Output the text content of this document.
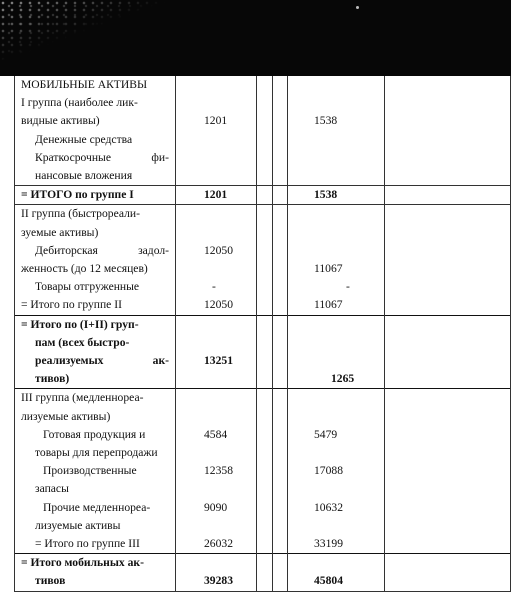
МОБИЛЬНЫЕ АКТИВЫ					
I группа (наиболее лик-					
видные активы)	1201			1538	
Денежные средства					

Краткосрочные фи-					

нансовые вложения					
= ИТОГО по группе I	1201			1538	
II группа (быстрореали-					
зуемые активы)					

Дебиторская задол-	12050				
женность (до 12 месяцев)				11067	
Товары отгруженные	-			-	
= Итого по группе II	12050			11067	
= Итого по (I+II) груп-					
пам (всех быстро-					

реализуемых ак-	13251				
тивов)				1265	
III группа (медленнореа-					
лизуемые активы)					
Готовая продукция и	4584			5479	
товары для перепродажи					
Производственные	12358			17088	
запасы					
Прочие медленнореа-	9090			10632	
лизуемые активы					
= Итого по группе III	26032			33199	
= Итого мобильных ак-					
тивов	39283			45804	
